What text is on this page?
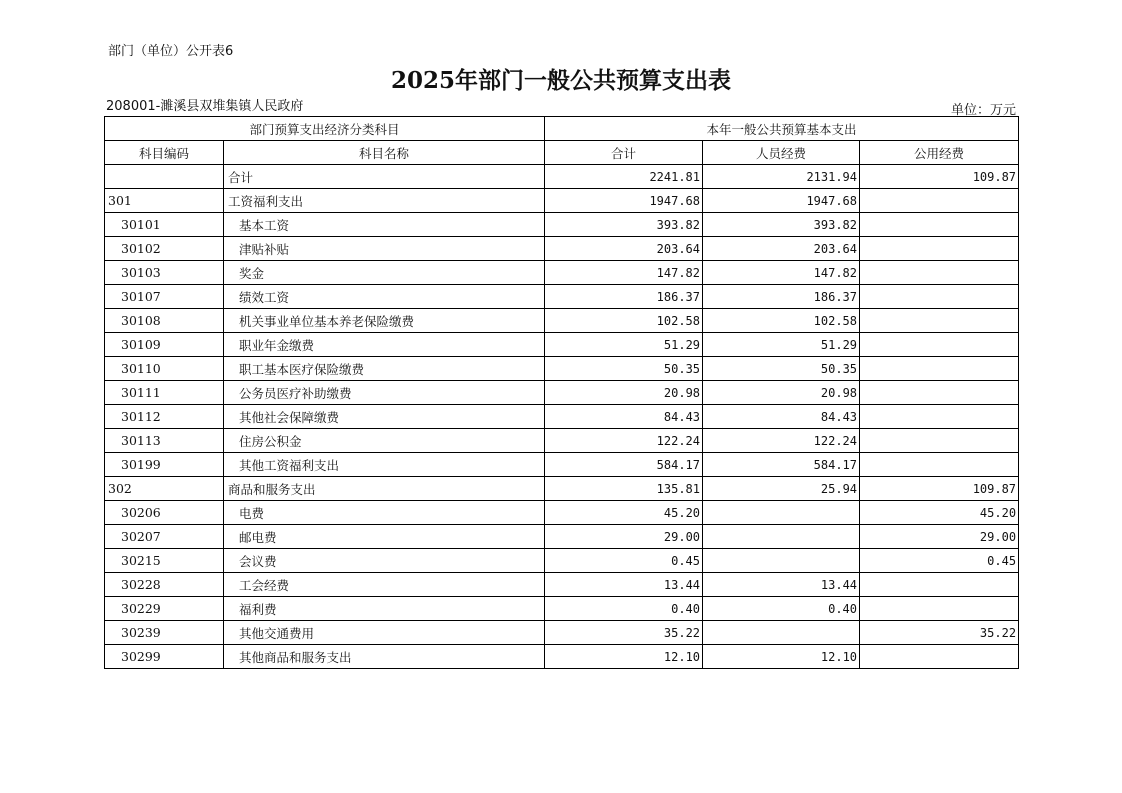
部门（单位）公开表6
2025年部门一般公共预算支出表
208001-濉溪县双堆集镇人民政府	单位：万元
部门预算支出经济分类科目		本年一般公共预算基本支出		
科目编码	科目名称	合计	人员经费	公用经费
	合计	2241.81	2131.94	109.87
301	工资福利支出	1947.68	1947.68	
30101	基本工资	393.82	393.82	
30102	津贴补贴	203.64	203.64	
30103	奖金	147.82	147.82	
30107	绩效工资	186.37	186.37	
30108	机关事业单位基本养老保险缴费	102.58	102.58	
30109	职业年金缴费	51.29	51.29	
30110	职工基本医疗保险缴费	50.35	50.35	
30111	公务员医疗补助缴费	20.98	20.98	
30112	其他社会保障缴费	84.43	84.43	
30113	住房公积金	122.24	122.24	
30199	其他工资福利支出	584.17	584.17	
302	商品和服务支出	135.81	25.94	109.87
30206	电费	45.20		45.20
30207	邮电费	29.00		29.00
30215	会议费	0.45		0.45
30228	工会经费	13.44	13.44	
30229	福利费	0.40	0.40	
30239	其他交通费用	35.22		35.22
30299	其他商品和服务支出	12.10	12.10	
